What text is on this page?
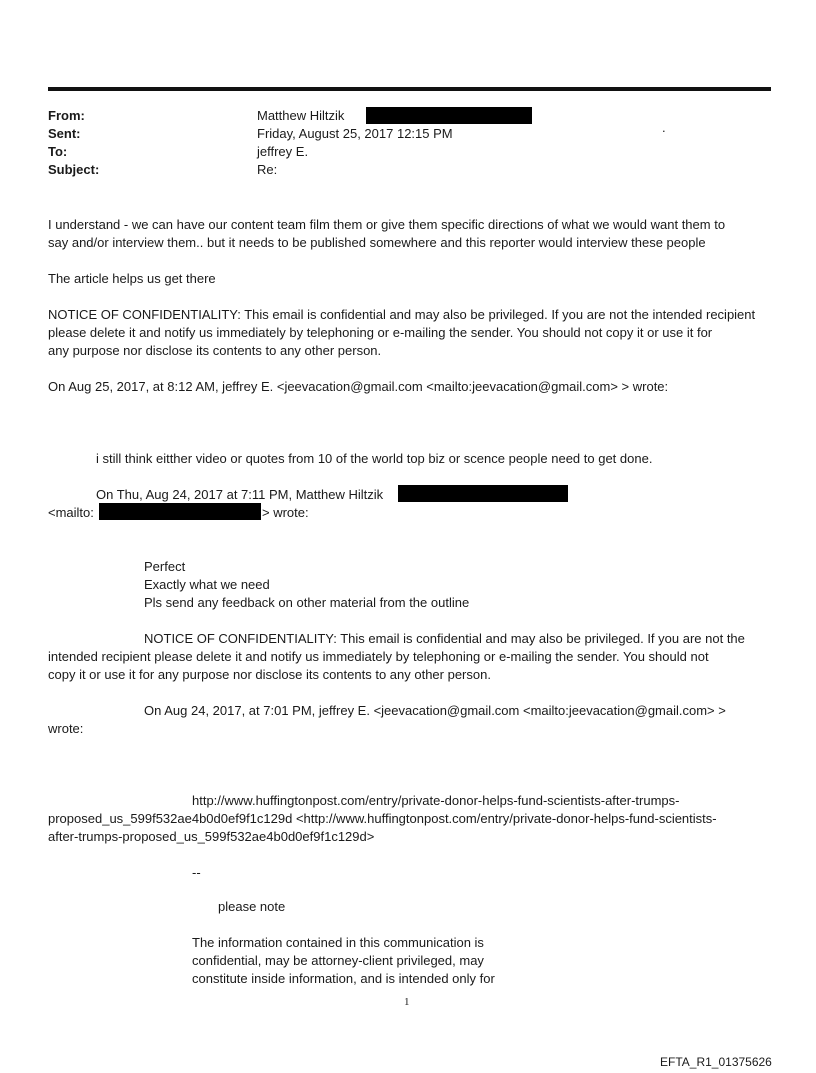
From:	Matthew Hiltzik
Sent:	Friday, August 25, 2017 12:15 PM	.
To:	jeffrey E.
Subject:	Re:
I understand - we can have our content team film them or give them specific directions of what we would want them to
say and/or interview them.. but it needs to be published somewhere and this reporter would interview these people
The article helps us get there
NOTICE OF CONFIDENTIALITY: This email is confidential and may also be privileged. If you are not the intended recipient
please delete it and notify us immediately by telephoning or e-mailing the sender. You should not copy it or use it for
any purpose nor disclose its contents to any other person.
On Aug 25, 2017, at 8:12 AM, jeffrey E. <jeevacation@gmail.com <mailto:jeevacation@gmail.com> > wrote:
i still think eitther video or quotes from 10 of the world top biz or scence people need to get done.
On Thu, Aug 24, 2017 at 7:11 PM, Matthew Hiltzik
<mailto:	> wrote:
Perfect
Exactly what we need
Pls send any feedback on other material from the outline
NOTICE OF CONFIDENTIALITY: This email is confidential and may also be privileged. If you are not the
intended recipient please delete it and notify us immediately by telephoning or e-mailing the sender. You should not
copy it or use it for any purpose nor disclose its contents to any other person.
On Aug 24, 2017, at 7:01 PM, jeffrey E. <jeevacation@gmail.com <mailto:jeevacation@gmail.com> >
wrote:
http://www.huffingtonpost.com/entry/private-donor-helps-fund-scientists-after-trumps-
proposed_us_599f532ae4b0d0ef9f1c129d <http://www.huffingtonpost.com/entry/private-donor-helps-fund-scientists-
after-trumps-proposed_us_599f532ae4b0d0ef9f1c129d>
--
please note
The information contained in this communication is
confidential, may be attorney-client privileged, may
constitute inside information, and is intended only for
1
EFTA_R1_01375626
